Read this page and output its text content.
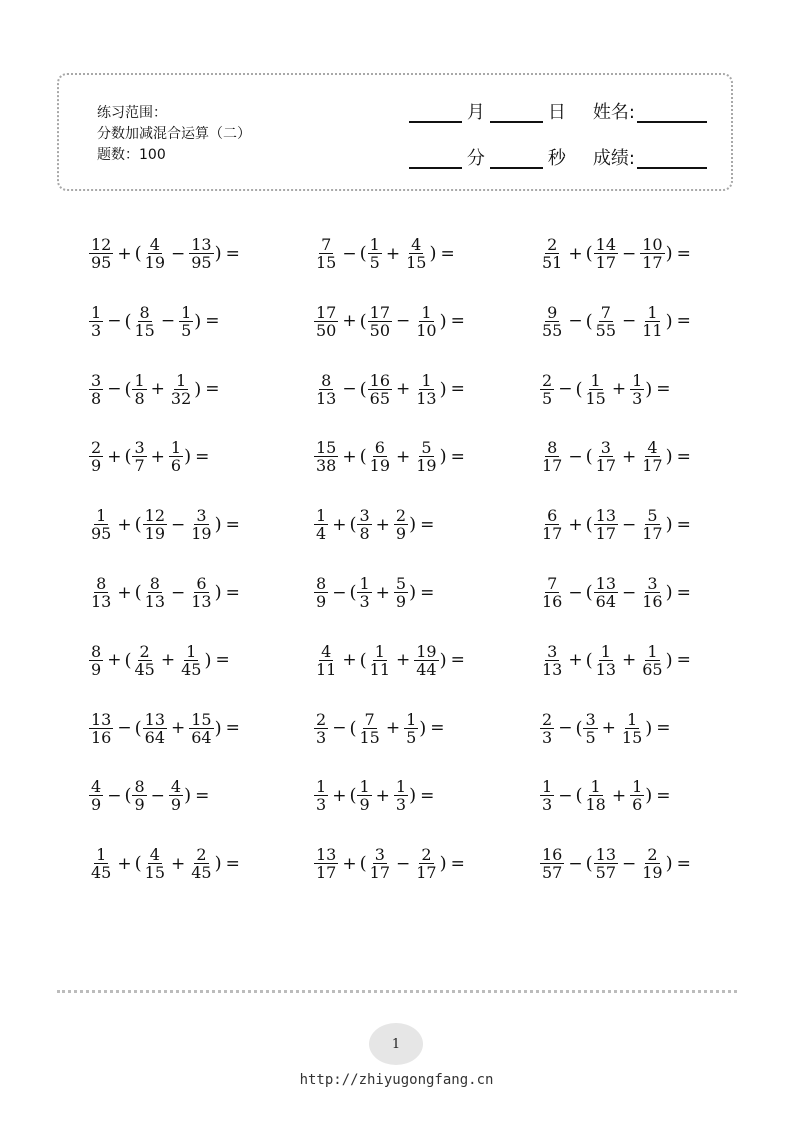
练习范围：
分数加减混合运算（二）
题数：100
月	日 姓名:
分	秒 成绩:
$\frac{12}{95}$ + ( $\frac{4}{19} - \frac{13}{95}$ ) =	$\frac{7}{15}$ − ( $\frac{1}{5} + \frac{4}{15}$ ) =	$\frac{2}{51}$ + ( $\frac{14}{17} - \frac{10}{17}$ ) =
$\frac{1}{3}$ − ( $\frac{8}{15} - \frac{1}{5}$ ) =	$\frac{17}{50}$ + ( $\frac{17}{50} - \frac{1}{10}$ ) =	$\frac{9}{55}$ − ( $\frac{7}{55} - \frac{1}{11}$ ) =
$\frac{3}{8}$ − ( $\frac{1}{8} + \frac{1}{32}$ ) =	$\frac{8}{13}$ − ( $\frac{16}{65} + \frac{1}{13}$ ) =	$\frac{2}{5}$ − ( $\frac{1}{15} + \frac{1}{3}$ ) =
$\frac{2}{9}$ + ( $\frac{3}{7} + \frac{1}{6}$ ) =	$\frac{15}{38}$ + ( $\frac{6}{19} + \frac{5}{19}$ ) =	$\frac{8}{17}$ − ( $\frac{3}{17} + \frac{4}{17}$ ) =
$\frac{1}{95}$ + ( $\frac{12}{19} - \frac{3}{19}$ ) =	$\frac{1}{4}$ + ( $\frac{3}{8} + \frac{2}{9}$ ) =	$\frac{6}{17}$ + ( $\frac{13}{17} - \frac{5}{17}$ ) =
$\frac{8}{13}$ + ( $\frac{8}{13} - \frac{6}{13}$ ) =	$\frac{8}{9}$ − ( $\frac{1}{3} + \frac{5}{9}$ ) =	$\frac{7}{16}$ − ( $\frac{13}{64} - \frac{3}{16}$ ) =
$\frac{8}{9}$ + ( $\frac{2}{45} + \frac{1}{45}$ ) =	$\frac{4}{11}$ + ( $\frac{1}{11} + \frac{19}{44}$ ) =	$\frac{3}{13}$ + ( $\frac{1}{13} + \frac{1}{65}$ ) =
$\frac{13}{16}$ − ( $\frac{13}{64} + \frac{15}{64}$ ) =	$\frac{2}{3}$ − ( $\frac{7}{15} + \frac{1}{5}$ ) =	$\frac{2}{3}$ − ( $\frac{3}{5} + \frac{1}{15}$ ) =
$\frac{4}{9}$ − ( $\frac{8}{9} - \frac{4}{9}$ ) =	$\frac{1}{3}$ + ( $\frac{1}{9} + \frac{1}{3}$ ) =	$\frac{1}{3}$ − ( $\frac{1}{18} + \frac{1}{6}$ ) =
$\frac{1}{45}$ + ( $\frac{4}{15} + \frac{2}{45}$ ) =	$\frac{13}{17}$ + ( $\frac{3}{17} - \frac{2}{17}$ ) =	$\frac{16}{57}$ − ( $\frac{13}{57} - \frac{2}{19}$ ) =
1
http://zhiyugongfang.cn
